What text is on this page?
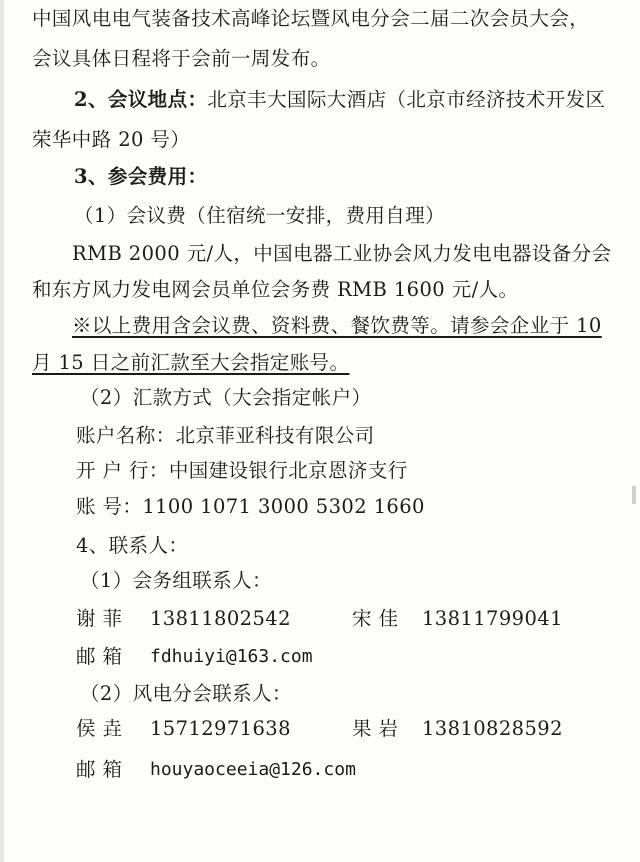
中国风电电气装备技术高峰论坛暨风电分会二届二次会员大会，
会议具体日程将于会前一周发布。
2、会议地点：北京丰大国际大酒店（北京市经济技术开发区
荣华中路 20 号）
3、参会费用：
（1）会议费（住宿统一安排，费用自理）
RMB 2000 元/人，中国电器工业协会风力发电电器设备分会
和东方风力发电网会员单位会务费 RMB 1600 元/人。
※以上费用含会议费、资料费、餐饮费等。请参会企业于 10
月 15 日之前汇款至大会指定账号。
（2）汇款方式（大会指定帐户）
账户名称：北京菲亚科技有限公司
开 户 行：中国建设银行北京恩济支行
账 号：1100 1071 3000 5302 1660
4、联系人：
（1）会务组联系人：
谢 菲 13811802542	宋 佳 13811799041
邮 箱 fdhuiyi@163.com
（2）风电分会联系人：
侯 垚 15712971638	果 岩 13810828592
邮 箱 houyaoceeia@126.com
